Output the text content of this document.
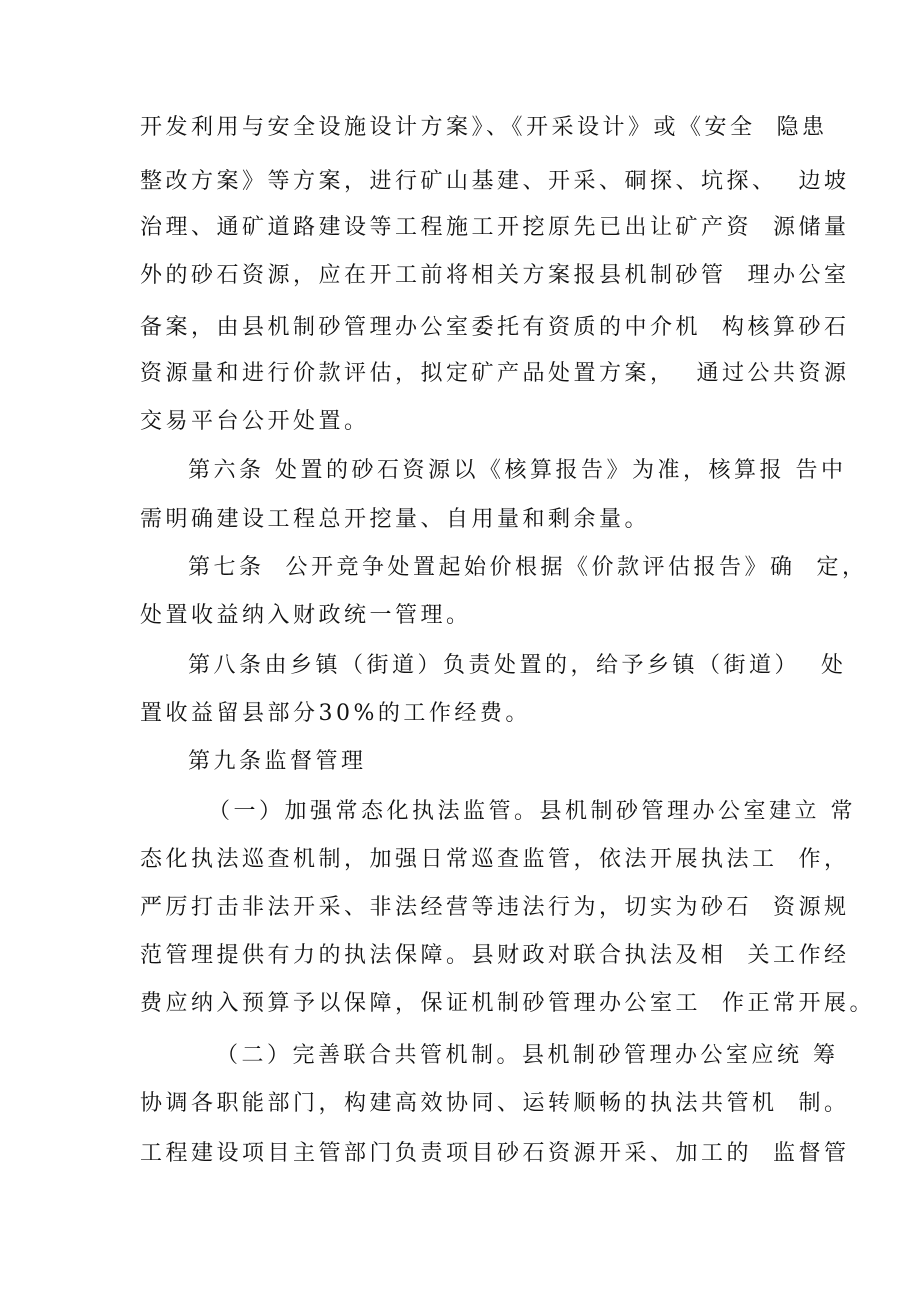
开发利用与安全设施设计方案》、《开采设计》或《安全  隐患
整改方案》等方案，进行矿山基建、开采、硐探、坑探、  边坡
治理、通矿道路建设等工程施工开挖原先已出让矿产资  源储量
外的砂石资源，应在开工前将相关方案报县机制砂管  理办公室
备案，由县机制砂管理办公室委托有资质的中介机  构核算砂石
资源量和进行价款评估，拟定矿产品处置方案，  通过公共资源
交易平台公开处置。
第六条 处置的砂石资源以《核算报告》为准，核算报 告中
需明确建设工程总开挖量、自用量和剩余量。
第七条  公开竞争处置起始价根据《价款评估报告》确  定，
处置收益纳入财政统一管理。
第八条由乡镇（街道）负责处置的，给予乡镇（街道）  处
置收益留县部分30%的工作经费。
第九条监督管理
（一）加强常态化执法监管。县机制砂管理办公室建立 常
态化执法巡查机制，加强日常巡查监管，依法开展执法工  作，
严厉打击非法开采、非法经营等违法行为，切实为砂石  资源规
范管理提供有力的执法保障。县财政对联合执法及相  关工作经
费应纳入预算予以保障，保证机制砂管理办公室工  作正常开展。
（二）完善联合共管机制。县机制砂管理办公室应统 筹
协调各职能部门，构建高效协同、运转顺畅的执法共管机  制。
工程建设项目主管部门负责项目砂石资源开采、加工的  监督管
